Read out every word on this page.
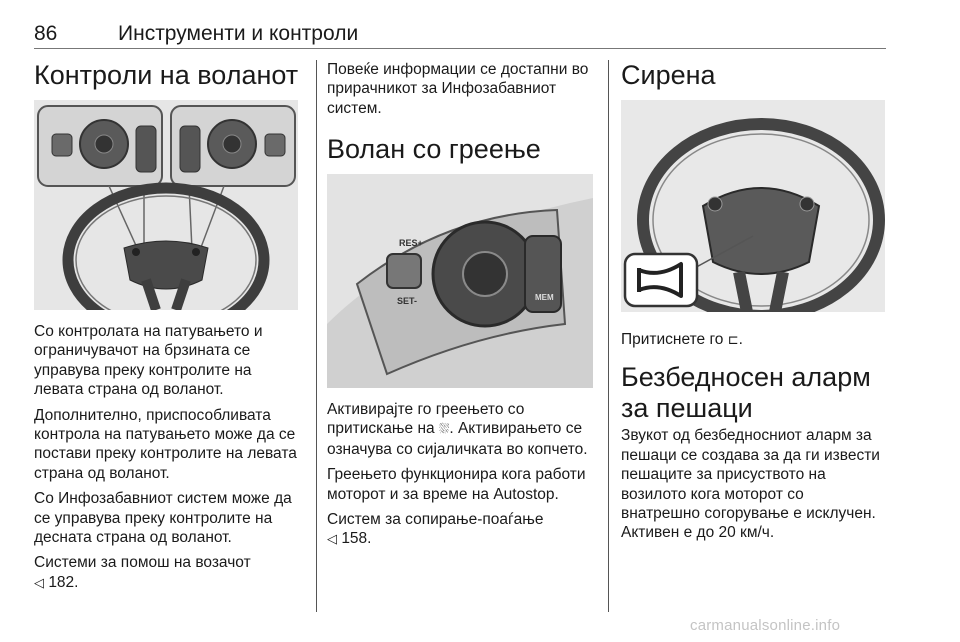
86	Инструменти и контроли
Контроли на воланот

Со контролата на патувањето и ограничувачот на брзината се управува преку контролите на левата страна од воланот.

Дополнително, приспособливата контрола на патувањето може да се постави преку контролите на левата страна од воланот.

Со Инфозабавниот систем може да се управува преку контролите на десната страна од воланот.

Системи за помош на возачот
◁ 182.

Повеќе информации се достапни во прирачникот за Инфозабавниот систем.

Волан со греење
RES+
SET-	MEM

Активирајте го греењето со притискање на ⛆. Активирањето се означува со сијаличката во копчето.

Греењето функционира кога работи моторот и за време на Autostop.

Систем за сопирање-поаѓање
◁ 158.

Сирена

Притиснете го ⊏.

Безбедносен аларм за пешаци

Звукот од безбедносниот аларм за пешаци се создава за да ги извести пешаците за присуството на возилото кога моторот со внатрешно согорување е исклучен. Активен е до 20 км/ч.

carmanualsonline.info
